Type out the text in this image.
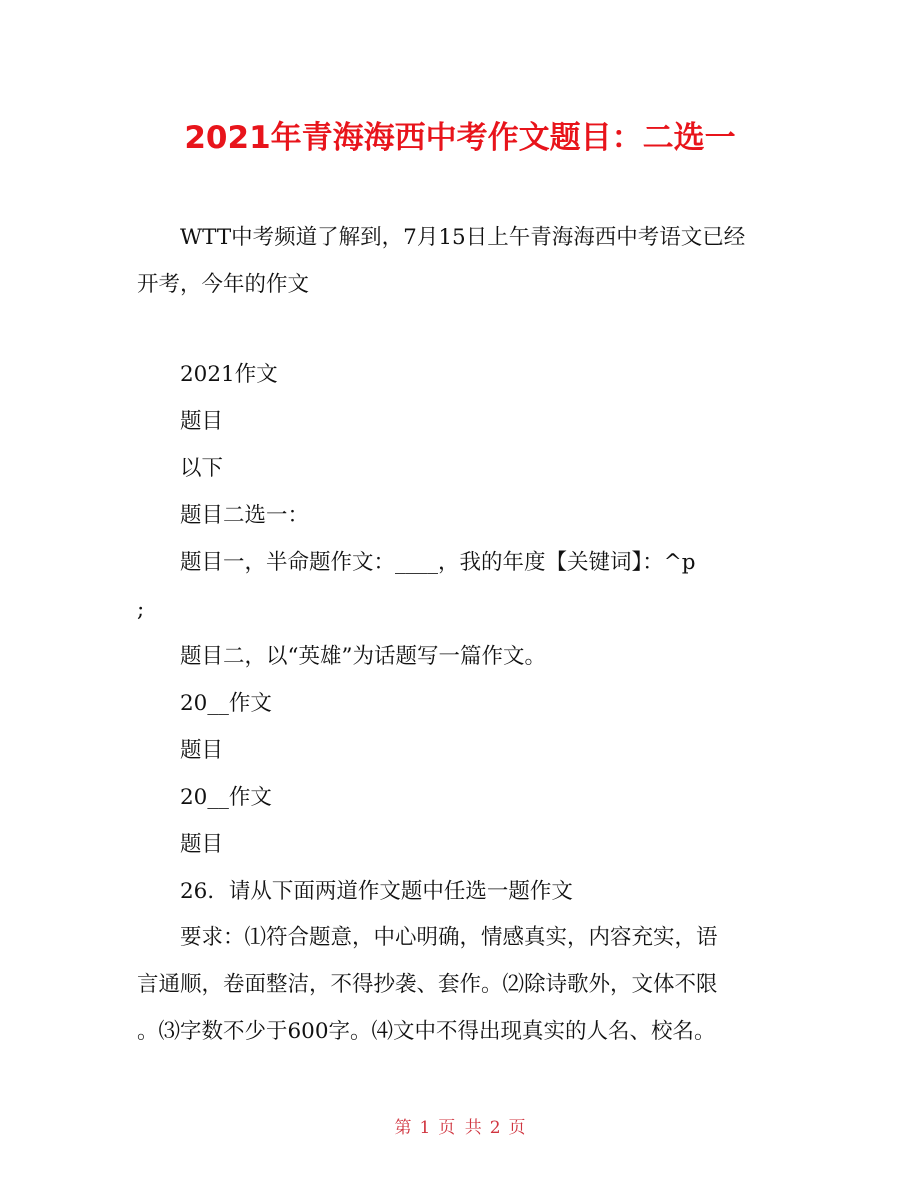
2021年青海海西中考作文题目：二选一

WTT中考频道了解到，7月15日上午青海海西中考语文已经

开考，今年的作文

2021作文

题目

以下

题目二选一：

题目一，半命题作文：____，我的年度【关键词】：^p

;

题目二，以“英雄”为话题写一篇作文。

20__作文

题目

20__作文

题目

26．请从下面两道作文题中任选一题作文

要求：⑴符合题意，中心明确，情感真实，内容充实，语

言通顺，卷面整洁，不得抄袭、套作。⑵除诗歌外，文体不限

。⑶字数不少于600字。⑷文中不得出现真实的人名、校名。

第 1 页 共 2 页
